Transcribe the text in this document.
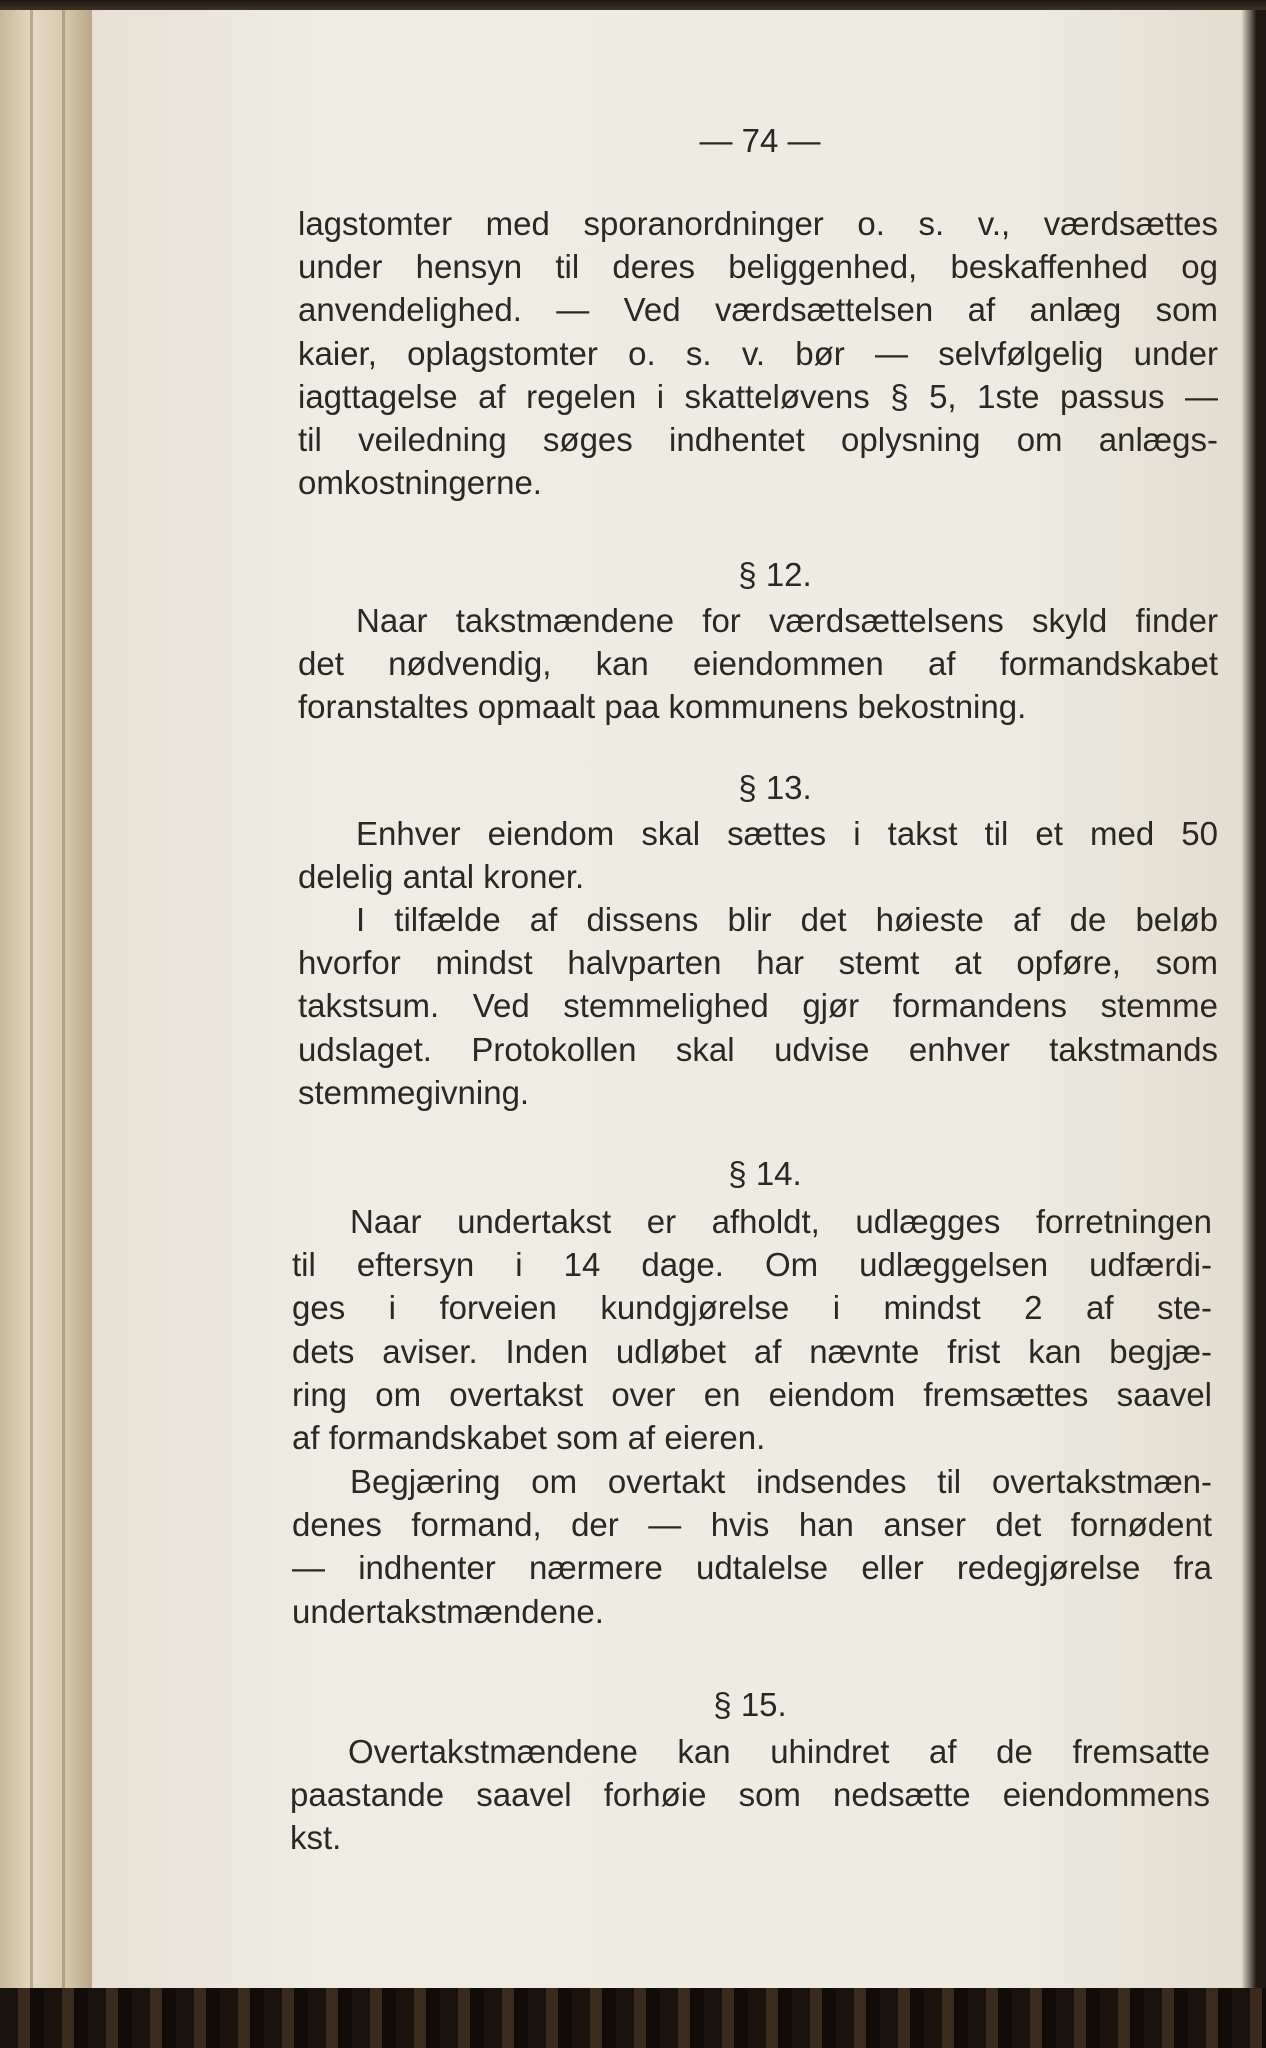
— 74 —
lagstomter med sporanordninger o. s. v., værdsættes
under hensyn til deres beliggenhed, beskaffenhed og
anvendelighed. — Ved værdsættelsen af anlæg som
kaier, oplagstomter o. s. v. bør — selvfølgelig under
iagttagelse af regelen i skatteløvens § 5, 1ste passus —
til veiledning søges indhentet oplysning om anlægs-
omkostningerne.
§ 12.
Naar takstmændene for værdsættelsens skyld finder
det nødvendig, kan eiendommen af formandskabet
foranstaltes opmaalt paa kommunens bekostning.
§ 13.
Enhver eiendom skal sættes i takst til et med 50
delelig antal kroner.
I tilfælde af dissens blir det høieste af de beløb
hvorfor mindst halvparten har stemt at opføre, som
takstsum. Ved stemmelighed gjør formandens stemme
udslaget. Protokollen skal udvise enhver takstmands
stemmegivning.
§ 14.
Naar undertakst er afholdt, udlægges forretningen
til eftersyn i 14 dage. Om udlæggelsen udfærdi-
ges i forveien kundgjørelse i mindst 2 af ste-
dets aviser. Inden udløbet af nævnte frist kan begjæ-
ring om overtakst over en eiendom fremsættes saavel
af formandskabet som af eieren.
Begjæring om overtakt indsendes til overtakstmæn-
denes formand, der — hvis han anser det fornødent
— indhenter nærmere udtalelse eller redegjørelse fra
undertakstmændene.
§ 15.
Overtakstmændene kan uhindret af de fremsatte
paastande saavel forhøie som nedsætte eiendommens
kst.
